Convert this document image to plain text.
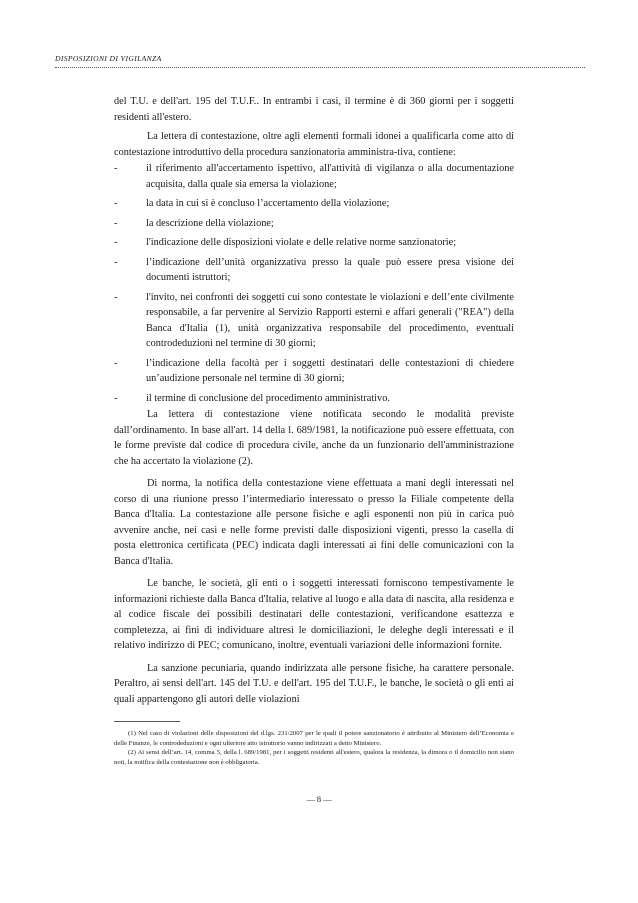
DISPOSIZIONI DI VIGILANZA

del T.U. e dell'art. 195 del T.U.F.. In entrambi i casi, il termine è di 360 giorni per i soggetti residenti all'estero.

La lettera di contestazione, oltre agli elementi formali idonei a qualificarla come atto di contestazione introduttivo della procedura sanzionatoria amministra-tiva, contiene:

-	il riferimento all'accertamento ispettivo, all'attività di vigilanza o alla documentazione acquisita, dalla quale sia emersa la violazione;
-	la data in cui si è concluso l’accertamento della violazione;
-	la descrizione della violazione;
-	l'indicazione delle disposizioni violate e delle relative norme sanzionatorie;
-	l’indicazione dell’unità organizzativa presso la quale può essere presa visione dei documenti istruttori;
-	l'invito, nei confronti dei soggetti cui sono contestate le violazioni e dell’ente civilmente responsabile, a far pervenire al Servizio Rapporti esterni e affari generali ("REA") della Banca d'Italia (1), unità organizzativa responsabile del procedimento, eventuali controdeduzioni nel termine di 30 giorni;
-	l’indicazione della facoltà per i soggetti destinatari delle contestazioni di chiedere un’audizione personale nel termine di 30 giorni;
-	il termine di conclusione del procedimento amministrativo.

La lettera di contestazione viene notificata secondo le modalità previste dall’ordinamento. In base all'art. 14 della l. 689/1981, la notificazione può essere effettuata, con le forme previste dal codice di procedura civile, anche da un funzionario dell'amministrazione che ha accertato la violazione (2).

Di norma, la notifica della contestazione viene effettuata a mani degli interessati nel corso di una riunione presso l’intermediario interessato o presso la Filiale competente della Banca d'Italia. La contestazione alle persone fisiche e agli esponenti non più in carica può avvenire anche, nei casi e nelle forme previsti dalle disposizioni vigenti, presso la casella di posta elettronica certificata (PEC) indicata dagli interessati ai fini delle comunicazioni con la Banca d'Italia.

Le banche, le società, gli enti o i soggetti interessati forniscono tempestivamente le informazioni richieste dalla Banca d'Italia, relative al luogo e alla data di nascita, alla residenza e al codice fiscale dei possibili destinatari delle contestazioni, verificandone esattezza e completezza, ai fini di individuare altresì le domiciliazioni, le deleghe degli interessati e il relativo indirizzo di PEC; comunicano, inoltre, eventuali variazioni delle informazioni fornite.

La sanzione pecuniaria, quando indirizzata alle persone fisiche, ha carattere personale. Peraltro, ai sensi dell'art. 145 del T.U. e dell'art. 195 del T.U.F., le banche, le società o gli enti ai quali appartengono gli autori delle violazioni

(1) Nel caso di violazioni delle disposizioni del d.lgs. 231/2007 per le quali il potere sanzionatorio è attribuito al Ministero dell’Economia e delle Finanze, le controdeduzioni e ogni ulteriore atto istruttorio vanno indirizzati a detto Ministero.

(2) Ai sensi dell’art. 14, comma 5, della l. 689/1981, per i soggetti residenti all'estero, qualora la residenza, la dimora o il domicilio non siano noti, la notifica della contestazione non è obbligatoria.

— 8 —
